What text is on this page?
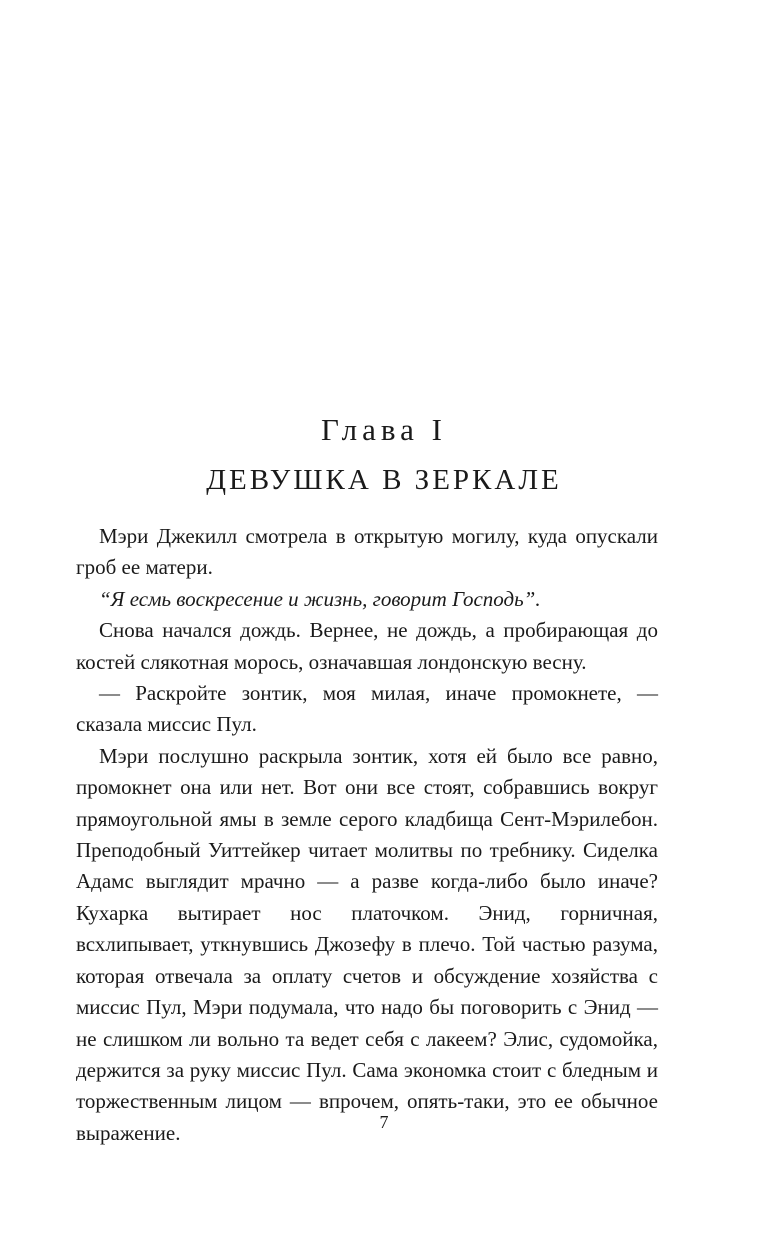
Глава I
ДЕВУШКА В ЗЕРКАЛЕ

Мэри Джекилл смотрела в открытую могилу, куда опускали гроб ее матери.

“Я есмь воскресение и жизнь, говорит Господь”.

Снова начался дождь. Вернее, не дождь, а пробирающая до костей слякотная морось, означавшая лондонскую весну.

— Раскройте зонтик, моя милая, иначе промокнете, — сказала миссис Пул.

Мэри послушно раскрыла зонтик, хотя ей было все равно, промокнет она или нет. Вот они все стоят, собравшись вокруг прямоугольной ямы в земле серого кладбища Сент-Мэрилебон. Преподобный Уиттейкер читает молитвы по требнику. Сиделка Адамс выглядит мрачно — а разве когда-либо было иначе? Кухарка вытирает нос платочком. Энид, горничная, всхлипывает, уткнувшись Джозефу в плечо. Той частью разума, которая отвечала за оплату счетов и обсуждение хозяйства с миссис Пул, Мэри подумала, что надо бы поговорить с Энид — не слишком ли вольно та ведет себя с лакеем? Элис, судомойка, держится за руку миссис Пул. Сама экономка стоит с бледным и торжественным лицом — впрочем, опять-таки, это ее обычное выражение.	7
